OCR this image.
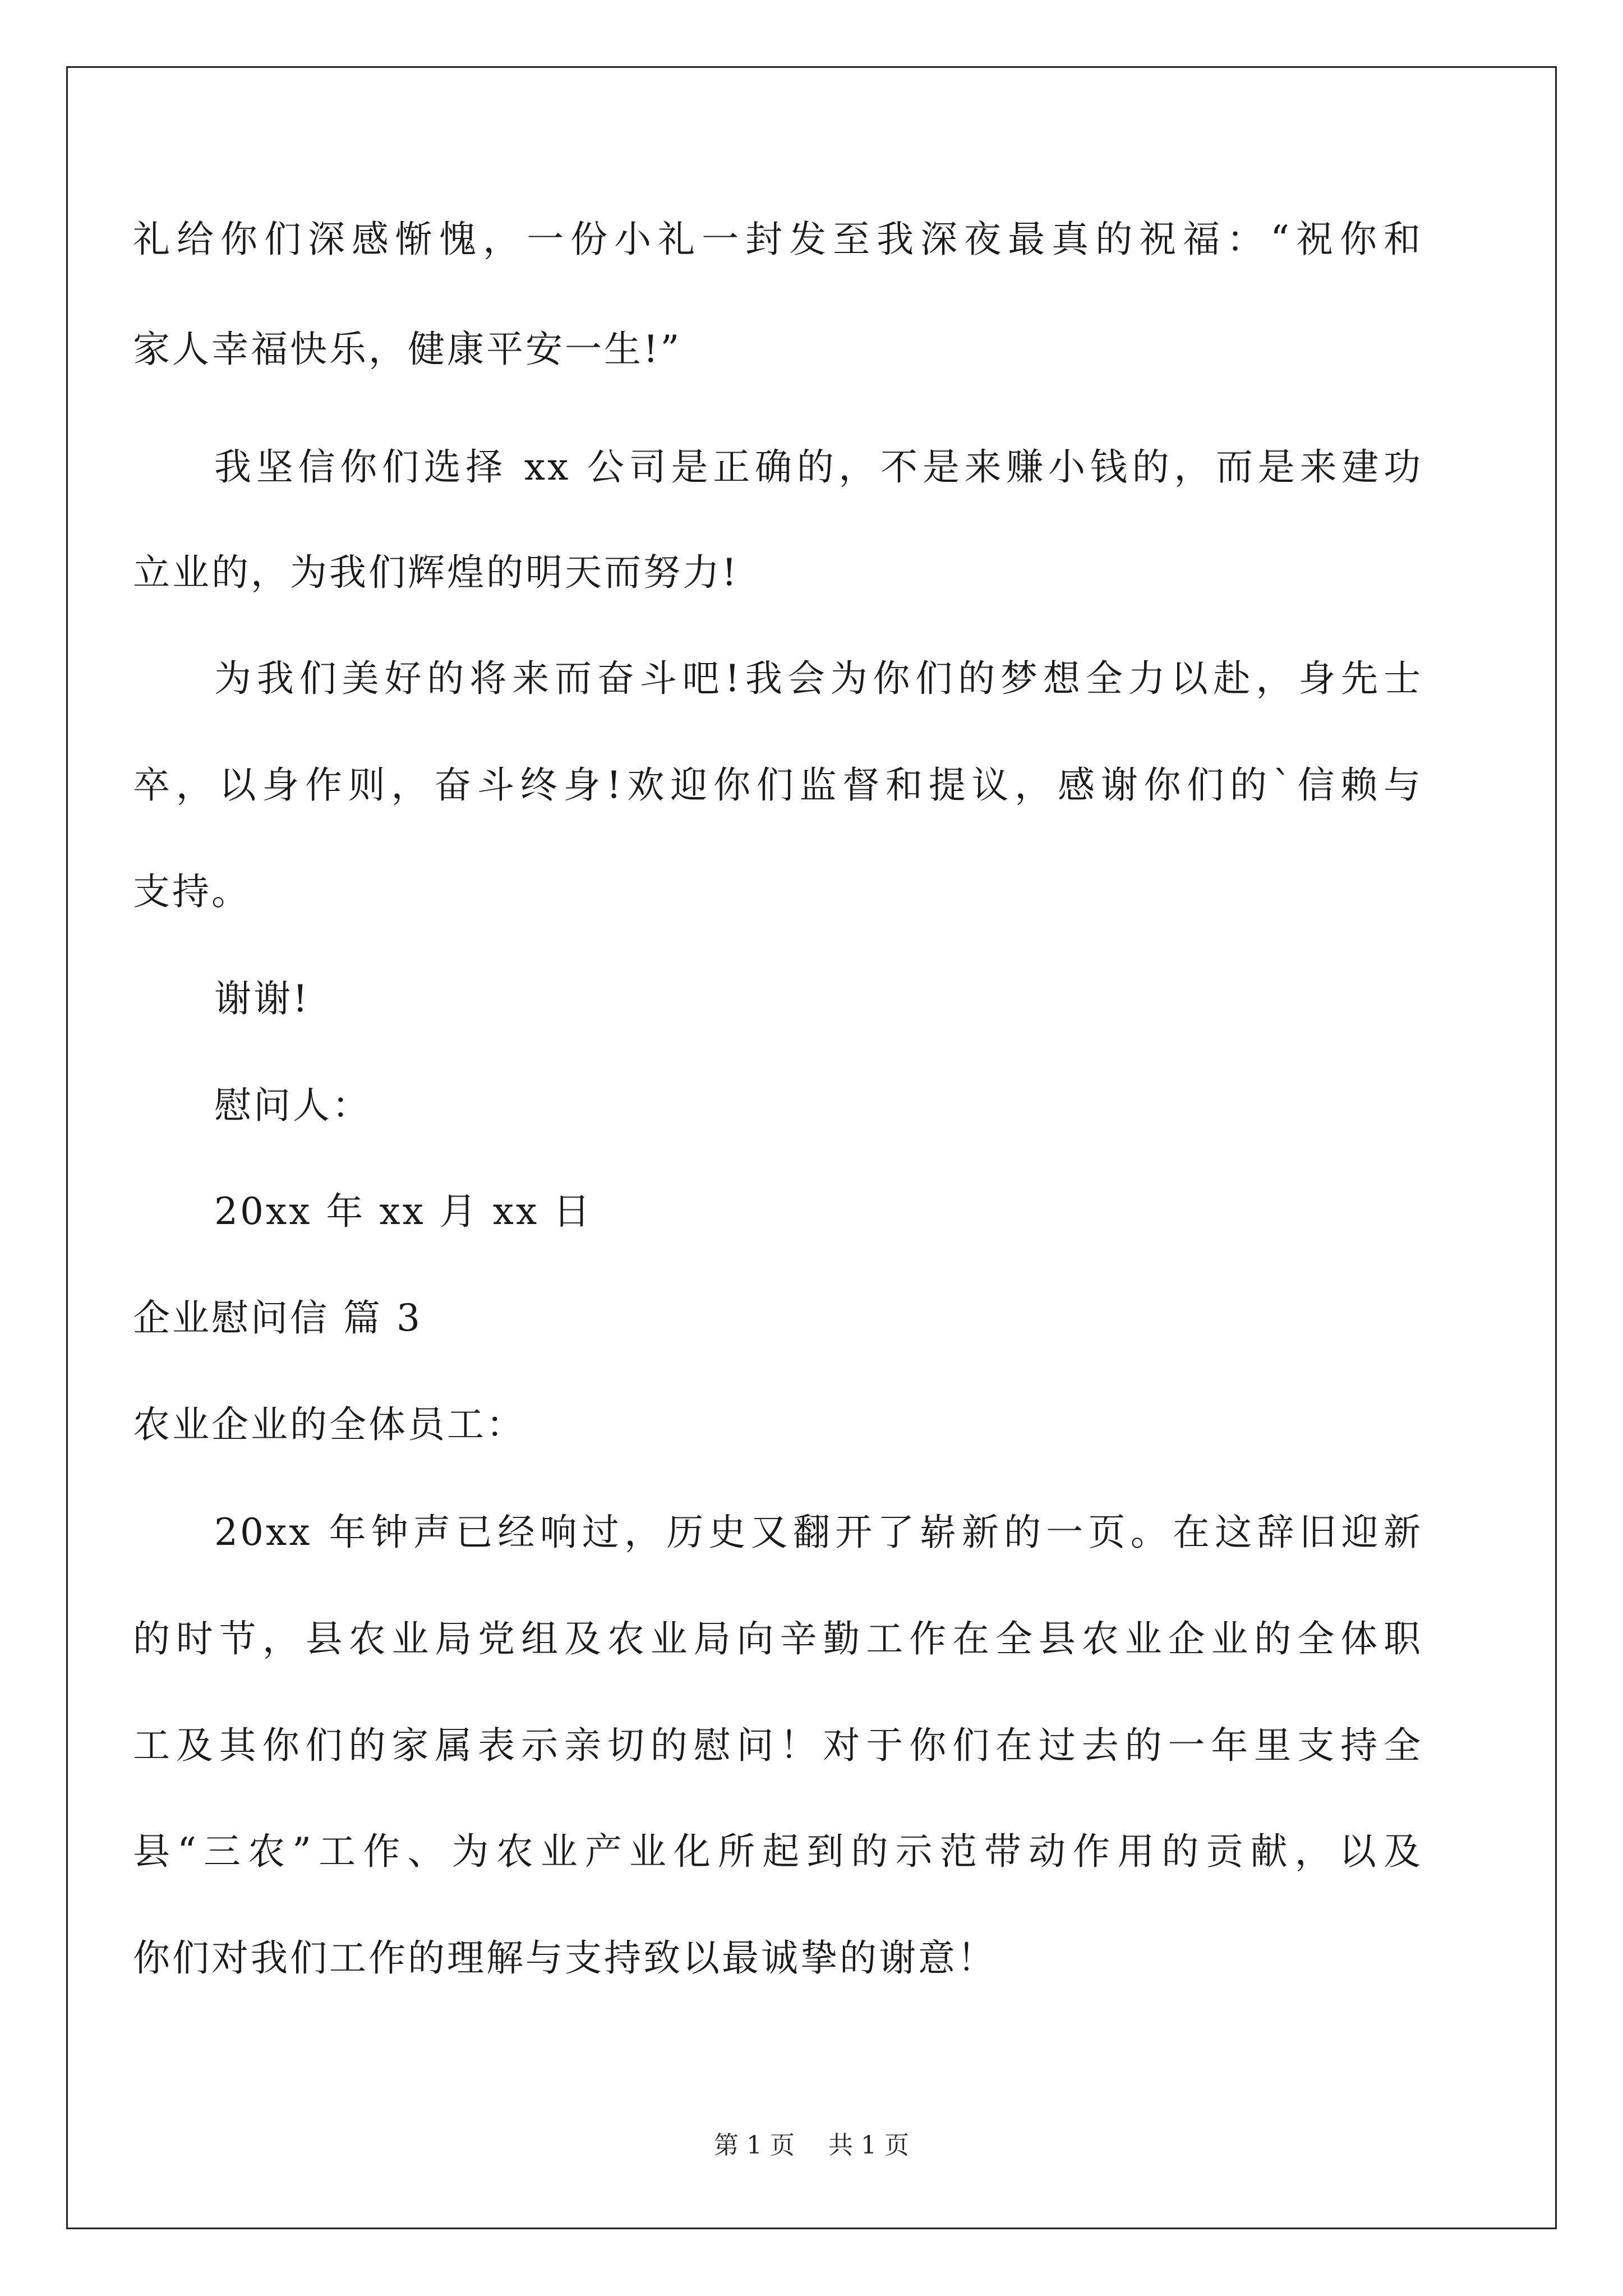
礼给你们深感惭愧，一份小礼一封发至我深夜最真的祝福：“祝你和
家人幸福快乐，健康平安一生!”
我坚信你们选择 xx 公司是正确的，不是来赚小钱的，而是来建功
立业的，为我们辉煌的明天而努力!
为我们美好的将来而奋斗吧!我会为你们的梦想全力以赴，身先士
卒，以身作则，奋斗终身!欢迎你们监督和提议，感谢你们的`信赖与
支持。
谢谢!
慰问人：
20xx 年 xx 月 xx 日
企业慰问信 篇 3
农业企业的全体员工：
20xx 年钟声已经响过，历史又翻开了崭新的一页。在这辞旧迎新
的时节，县农业局党组及农业局向辛勤工作在全县农业企业的全体职
工及其你们的家属表示亲切的慰问！对于你们在过去的一年里支持全
县“三农”工作、为农业产业化所起到的示范带动作用的贡献，以及
你们对我们工作的理解与支持致以最诚挚的谢意！
第 1 页 共 1 页
